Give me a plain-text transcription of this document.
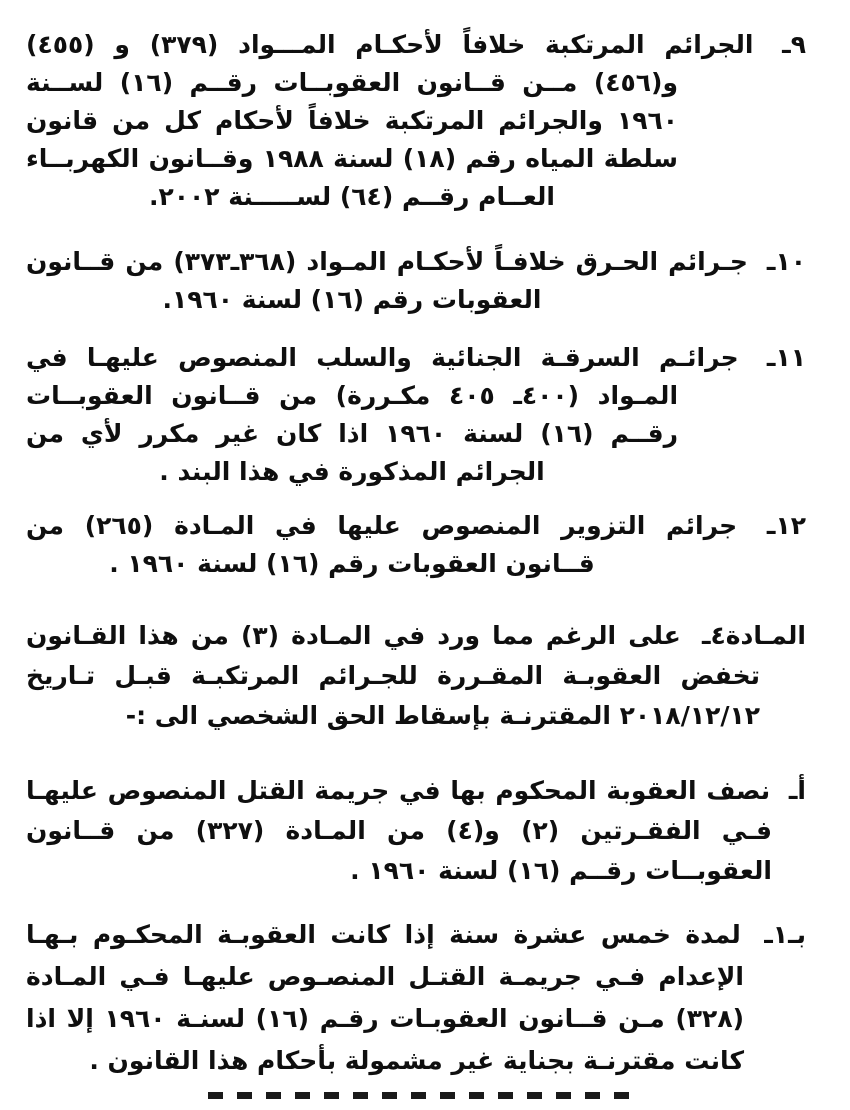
٩ـ الجرائم المرتكبة خلافاً لأحكـام المـــواد (٣٧٩) و (٤٥٥) و(٤٥٦) مــن قــانون العقوبــات رقــم (١٦) لســنة ١٩٦٠ والجرائم المرتكبة خلافاً لأحكام كل من قانون سلطة المياه رقم (١٨) لسنة ١٩٨٨ وقــانون الكهربــاء العــام رقــم (٦٤) لســـــنة ٢٠٠٢.

١٠ـ جـرائم الحـرق خلافـاً لأحكـام المـواد (٣٦٨ـ٣٧٣) من قــانون العقوبات رقم (١٦) لسنة ١٩٦٠.

١١ـ جرائـم السرقـة الجنائية والسلب المنصوص عليهـا في المـواد (٤٠٠ـ ٤٠٥ مكـررة) من قــانون العقوبــات رقــم (١٦) لسنة ١٩٦٠ اذا كان غير مكرر لأي من الجرائم المذكورة في هذا البند .

١٢ـ جرائم التزوير المنصوص عليها في المـادة (٢٦٥) من قــانون العقوبات رقم (١٦) لسنة ١٩٦٠ .

المـادة٤ـ على الرغم مما ورد في المـادة (٣) من هذا القـانون تخفض العقوبـة المقـررة للجـرائم المرتكبـة قبـل تـاريخ ٢٠١٨/١٢/١٢ المقترنـة بإسقاط الحق الشخصي الى :-

أـ نصف العقوبة المحكوم بها في جريمة القتل المنصوص عليهـا فـي الفقـرتين (٢) و(٤) من المـادة (٣٢٧) من قــانون العقوبــات رقــم (١٦) لسنة ١٩٦٠ .

بـ١ـ لمدة خمس عشرة سنة إذا كانت العقوبـة المحكـوم بـهـا الإعدام فـي جريمـة القتـل المنصـوص عليهـا فـي المـادة (٣٢٨) مـن قــانون العقوبـات رقـم (١٦) لسنـة ١٩٦٠ إلا اذا كانت مقترنـة بجناية غير مشمولة بأحكام هذا القانون .
